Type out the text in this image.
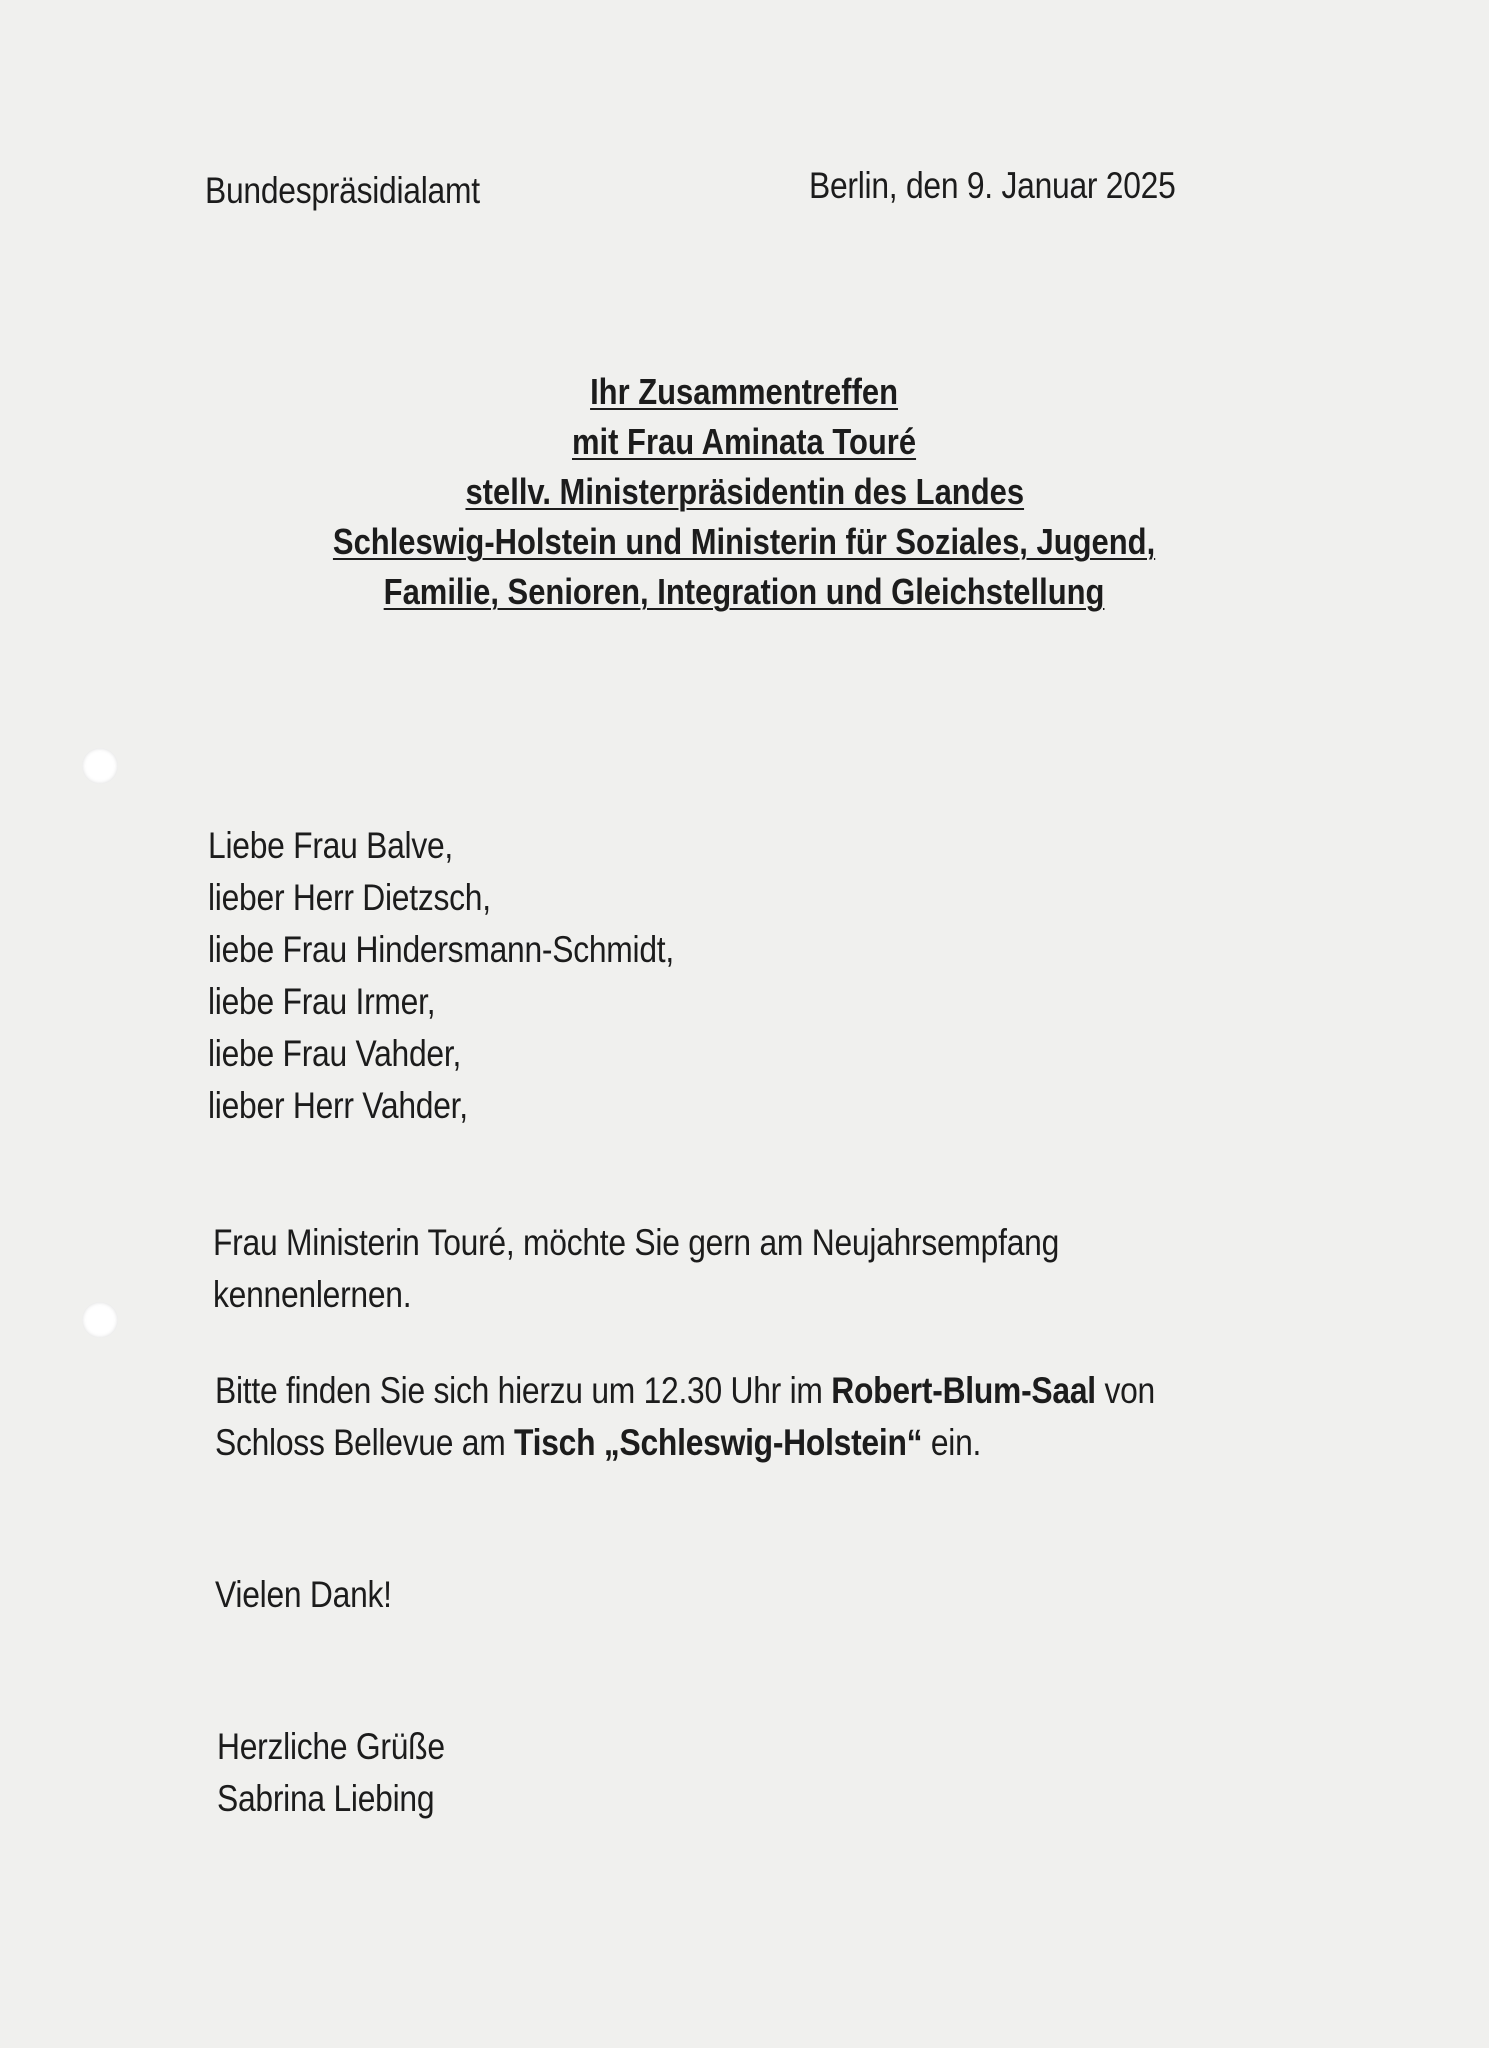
Bundespräsidialamt	Berlin, den 9. Januar 2025
Ihr Zusammentreffen
mit Frau Aminata Touré
stellv. Ministerpräsidentin des Landes
Schleswig-Holstein und Ministerin für Soziales, Jugend,
Familie, Senioren, Integration und Gleichstellung
Liebe Frau Balve,
lieber Herr Dietzsch,
liebe Frau Hindersmann-Schmidt,
liebe Frau Irmer,
liebe Frau Vahder,
lieber Herr Vahder,
Frau Ministerin Touré, möchte Sie gern am Neujahrsempfang
kennenlernen.
Bitte finden Sie sich hierzu um 12.30 Uhr im Robert-Blum-Saal von
Schloss Bellevue am Tisch „Schleswig-Holstein“ ein.
Vielen Dank!
Herzliche Grüße
Sabrina Liebing
